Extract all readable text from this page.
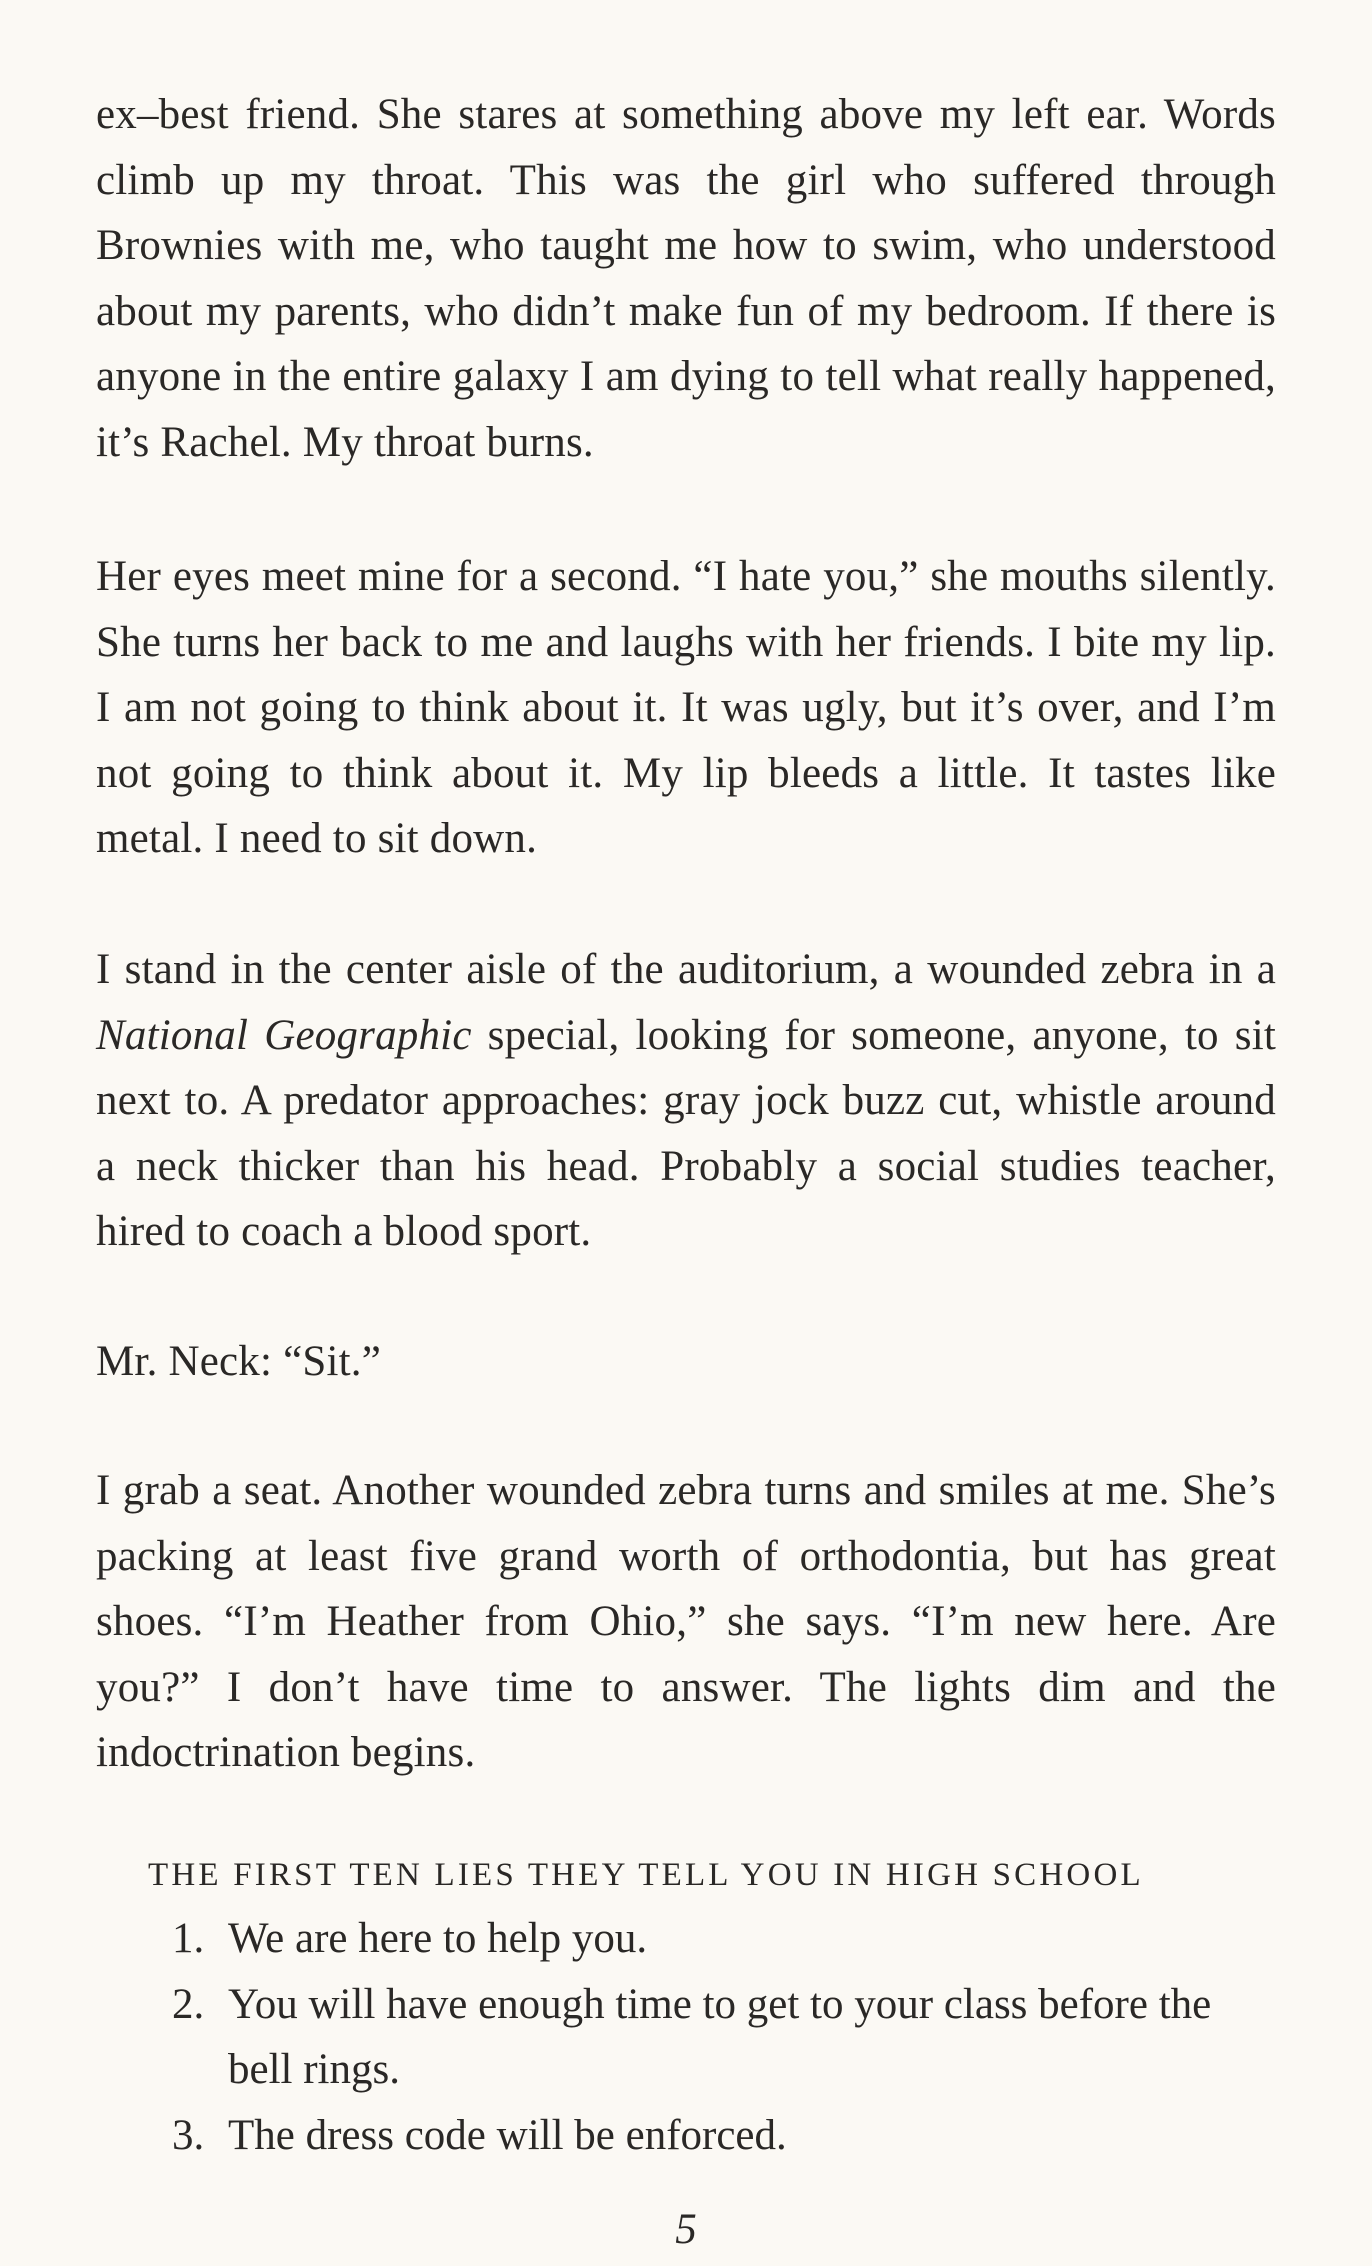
ex–best friend. She stares at something above my left ear. Words climb up my throat. This was the girl who suffered through Brownies with me, who taught me how to swim, who understood about my parents, who didn’t make fun of my bedroom. If there is anyone in the entire galaxy I am dying to tell what really happened, it’s Rachel. My throat burns.

Her eyes meet mine for a second. “I hate you,” she mouths silently. She turns her back to me and laughs with her friends. I bite my lip. I am not going to think about it. It was ugly, but it’s over, and I’m not going to think about it. My lip bleeds a little. It tastes like metal. I need to sit down.

I stand in the center aisle of the auditorium, a wounded zebra in a National Geographic special, looking for someone, anyone, to sit next to. A predator approaches: gray jock buzz cut, whistle around a neck thicker than his head. Probably a social studies teacher, hired to coach a blood sport.

Mr. Neck: “Sit.”

I grab a seat. Another wounded zebra turns and smiles at me. She’s packing at least five grand worth of orthodontia, but has great shoes. “I’m Heather from Ohio,” she says. “I’m new here. Are you?” I don’t have time to answer. The lights dim and the indoctrination begins.

THE FIRST TEN LIES THEY TELL YOU IN HIGH SCHOOL
1. We are here to help you.
2. You will have enough time to get to your class before the bell rings.
3. The dress code will be enforced.
5
